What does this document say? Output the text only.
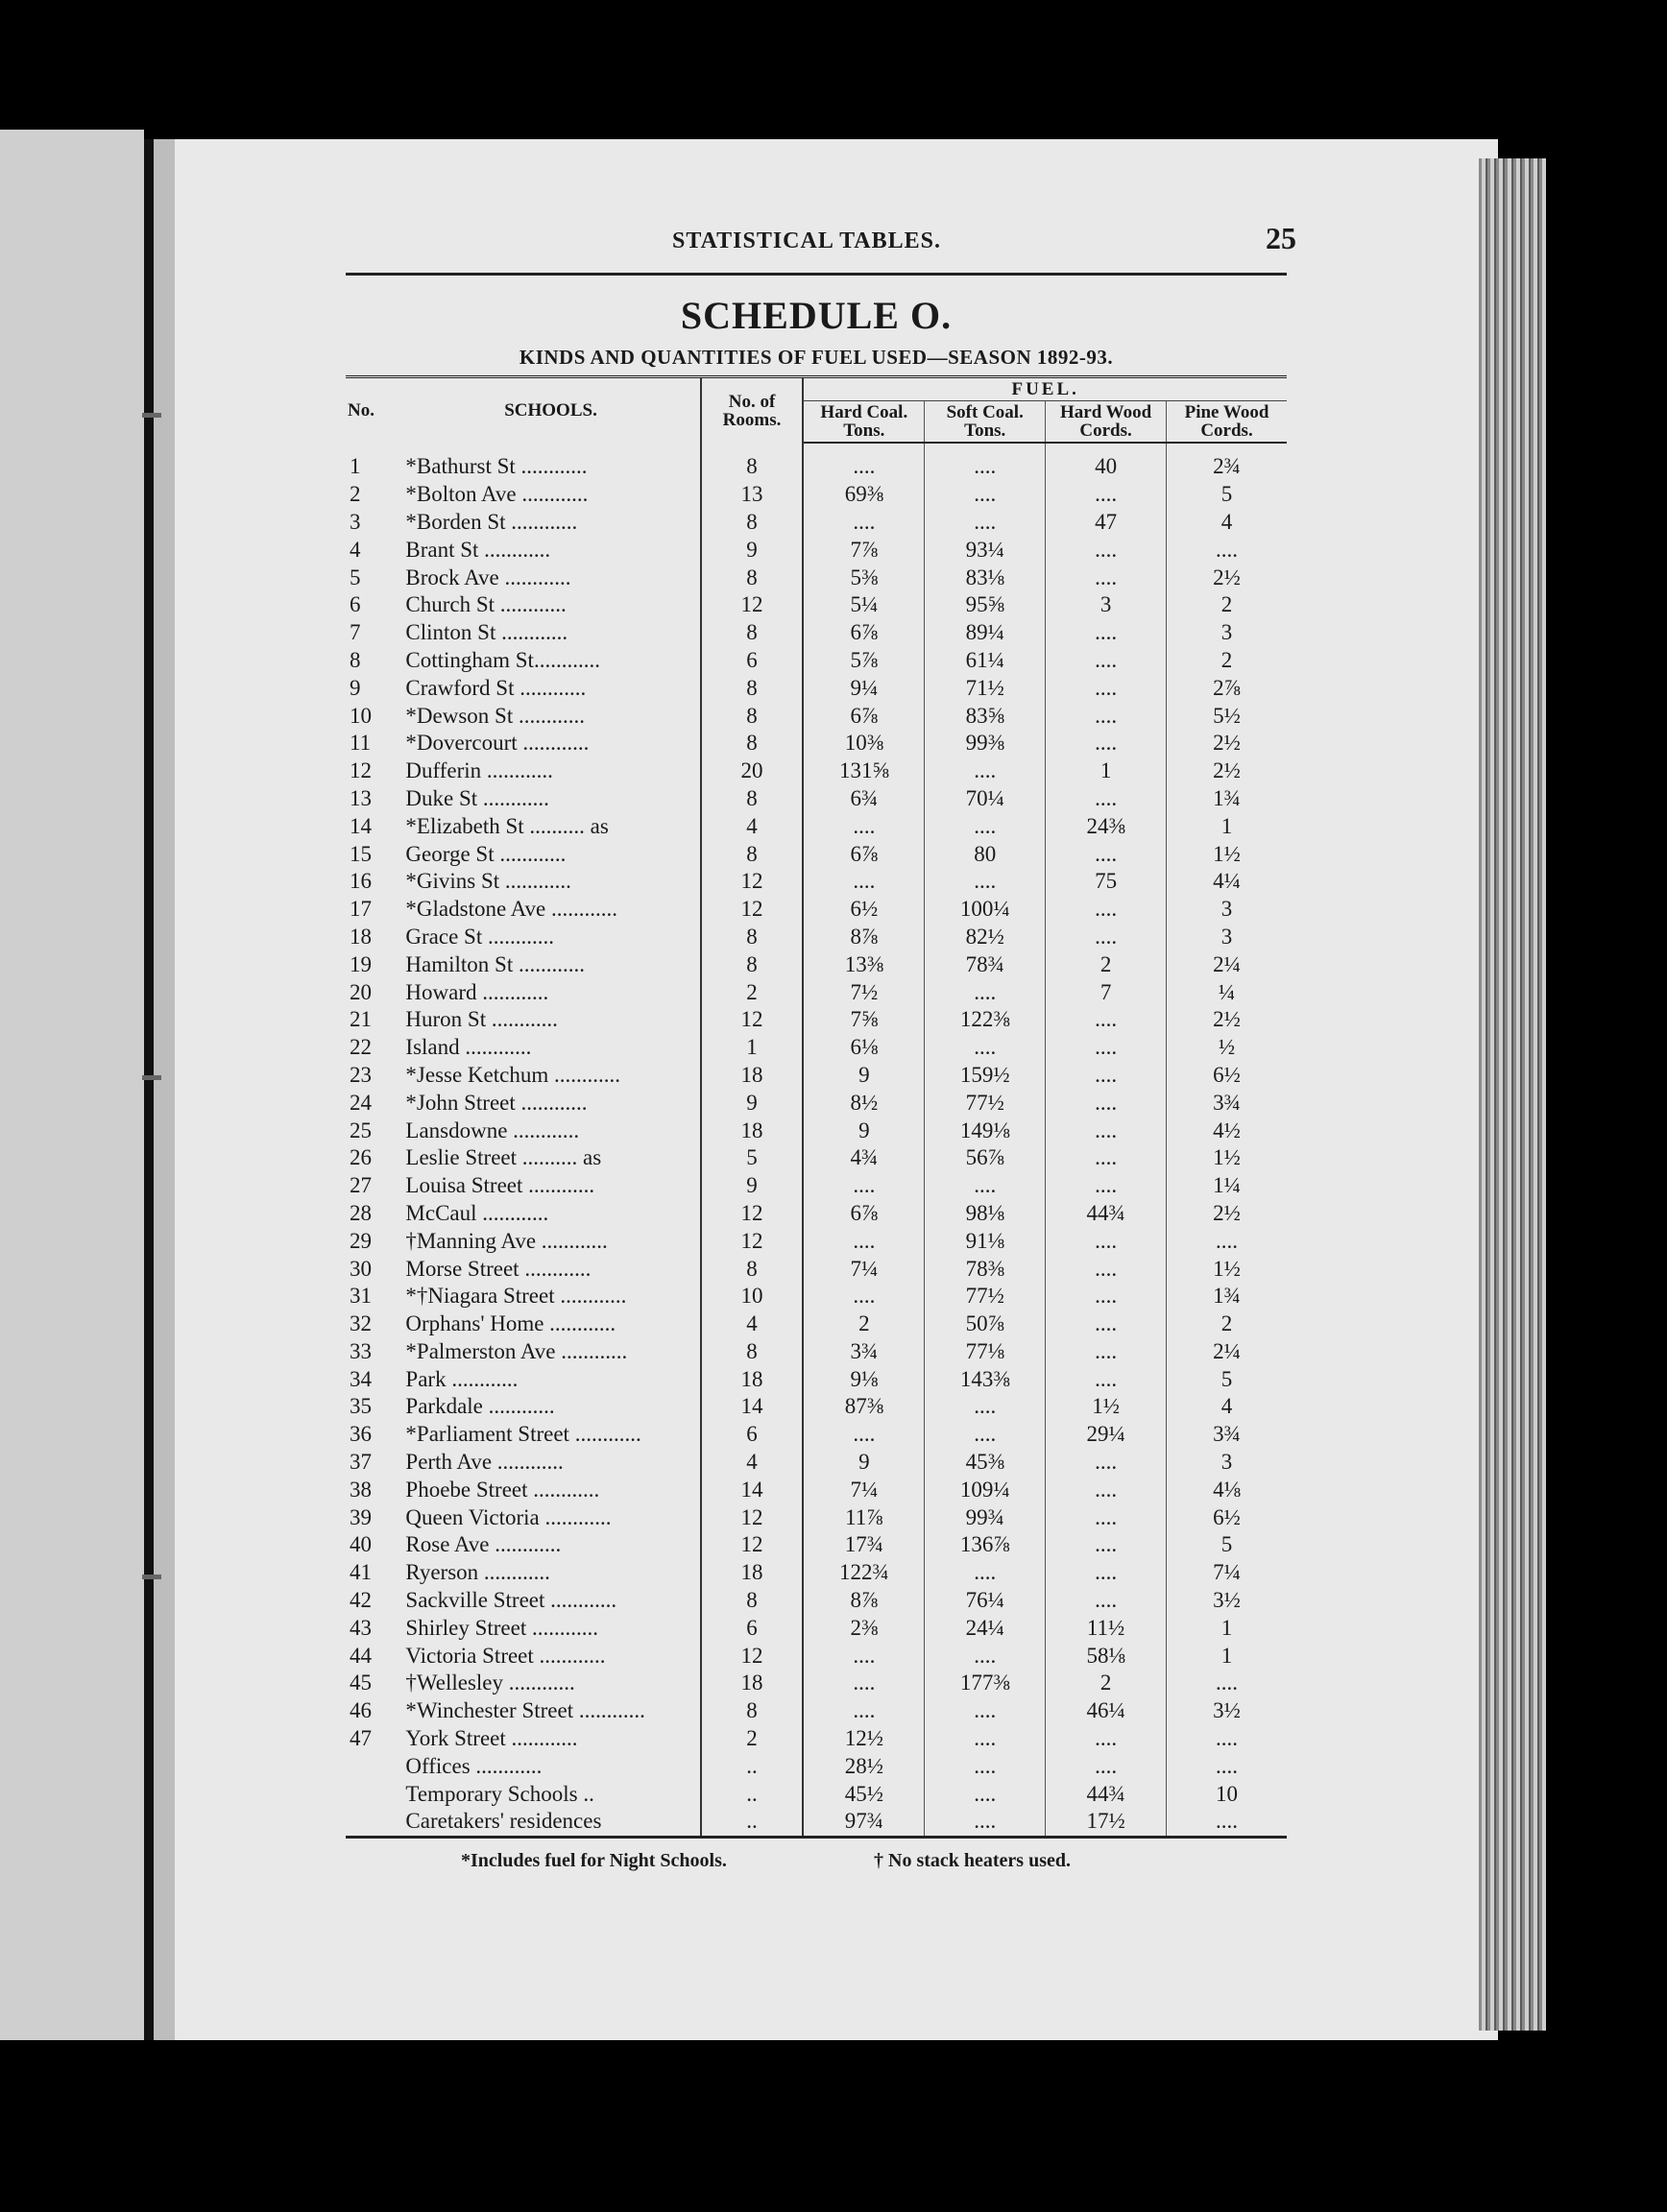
STATISTICAL TABLES.	25
SCHEDULE O.
KINDS AND QUANTITIES OF FUEL USED—SEASON 1892-93.
No.	SCHOOLS.	No. of Rooms.	FUEL.			
			Hard Coal. Tons.	Soft Coal. Tons.	Hard Wood Cords.	Pine Wood Cords.
1	*Bathurst St ............	8	....	....	40	2¾
2	*Bolton Ave ............	13	69⅜	....	....	5
3	*Borden St ............	8	....	....	47	4
4	Brant St ............	9	7⅞	93¼	....	....
5	Brock Ave ............	8	5⅜	83⅛	....	2½
6	Church St ............	12	5¼	95⅝	3	2
7	Clinton St ............	8	6⅞	89¼	....	3
8	Cottingham St............	6	5⅞	61¼	....	2
9	Crawford St ............	8	9¼	71½	....	2⅞
10	*Dewson St ............	8	6⅞	83⅝	....	5½
11	*Dovercourt ............	8	10⅜	99⅜	....	2½
12	Dufferin ............	20	131⅝	....	1	2½
13	Duke St ............	8	6¾	70¼	....	1¾
14	*Elizabeth St .......... as	4	....	....	24⅜	1
15	George St ............	8	6⅞	80	....	1½
16	*Givins St ............	12	....	....	75	4¼
17	*Gladstone Ave ............	12	6½	100¼	....	3
18	Grace St ............	8	8⅞	82½	....	3
19	Hamilton St ............	8	13⅜	78¾	2	2¼
20	Howard ............	2	7½	....	7	¼
21	Huron St ............	12	7⅝	122⅜	....	2½
22	Island ............	1	6⅛	....	....	½
23	*Jesse Ketchum ............	18	9	159½	....	6½
24	*John Street ............	9	8½	77½	....	3¾
25	Lansdowne ............	18	9	149⅛	....	4½
26	Leslie Street .......... as	5	4¾	56⅞	....	1½
27	Louisa Street ............	9	....	....	....	1¼
28	McCaul ............	12	6⅞	98⅛	44¾	2½
29	†Manning Ave ............	12	....	91⅛	....	....
30	Morse Street ............	8	7¼	78⅜	....	1½
31	*†Niagara Street ............	10	....	77½	....	1¾
32	Orphans' Home ............	4	2	50⅞	....	2
33	*Palmerston Ave ............	8	3¾	77⅛	....	2¼
34	Park ............	18	9⅛	143⅜	....	5
35	Parkdale ............	14	87⅜	....	1½	4
36	*Parliament Street ............	6	....	....	29¼	3¾
37	Perth Ave ............	4	9	45⅜	....	3
38	Phoebe Street ............	14	7¼	109¼	....	4⅛
39	Queen Victoria ............	12	11⅞	99¾	....	6½
40	Rose Ave ............	12	17¾	136⅞	....	5
41	Ryerson ............	18	122¾	....	....	7¼
42	Sackville Street ............	8	8⅞	76¼	....	3½
43	Shirley Street ............	6	2⅜	24¼	11½	1
44	Victoria Street ............	12	....	....	58⅛	1
45	†Wellesley ............	18	....	177⅜	2	....
46	*Winchester Street ............	8	....	....	46¼	3½
47	York Street ............	2	12½	....	....	....
	Offices ............	..	28½	....	....	....
	Temporary Schools ..	..	45½	....	44¾	10
	Caretakers' residences	..	97¾	....	17½	....

*Includes fuel for Night Schools.	† No stack heaters used.
